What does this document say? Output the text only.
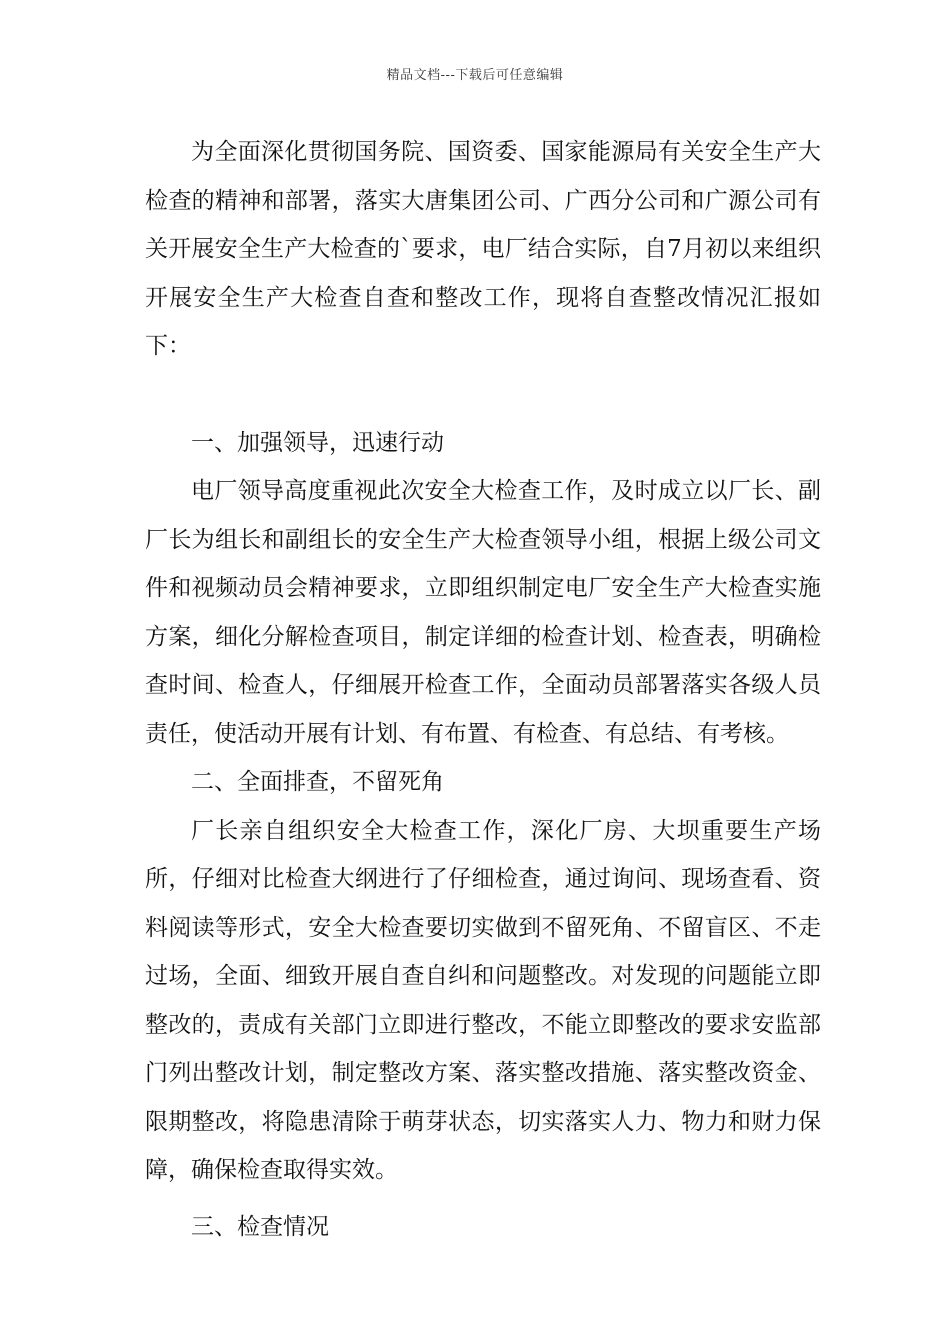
精品文档---下载后可任意编辑

为全面深化贯彻国务院、国资委、国家能源局有关安全生产大检查的精神和部署，落实大唐集团公司、广西分公司和广源公司有关开展安全生产大检查的`要求，电厂结合实际，自7月初以来组织开展安全生产大检查自查和整改工作，现将自查整改情况汇报如下：

一、加强领导，迅速行动

电厂领导高度重视此次安全大检查工作，及时成立以厂长、副厂长为组长和副组长的安全生产大检查领导小组，根据上级公司文件和视频动员会精神要求，立即组织制定电厂安全生产大检查实施方案，细化分解检查项目，制定详细的检查计划、检查表，明确检查时间、检查人，仔细展开检查工作，全面动员部署落实各级人员责任，使活动开展有计划、有布置、有检查、有总结、有考核。

二、全面排查，不留死角

厂长亲自组织安全大检查工作，深化厂房、大坝重要生产场所，仔细对比检查大纲进行了仔细检查，通过询问、现场查看、资料阅读等形式，安全大检查要切实做到不留死角、不留盲区、不走过场，全面、细致开展自查自纠和问题整改。对发现的问题能立即整改的，责成有关部门立即进行整改，不能立即整改的要求安监部门列出整改计划，制定整改方案、落实整改措施、落实整改资金、限期整改，将隐患清除于萌芽状态，切实落实人力、物力和财力保障，确保检查取得实效。

三、检查情况
